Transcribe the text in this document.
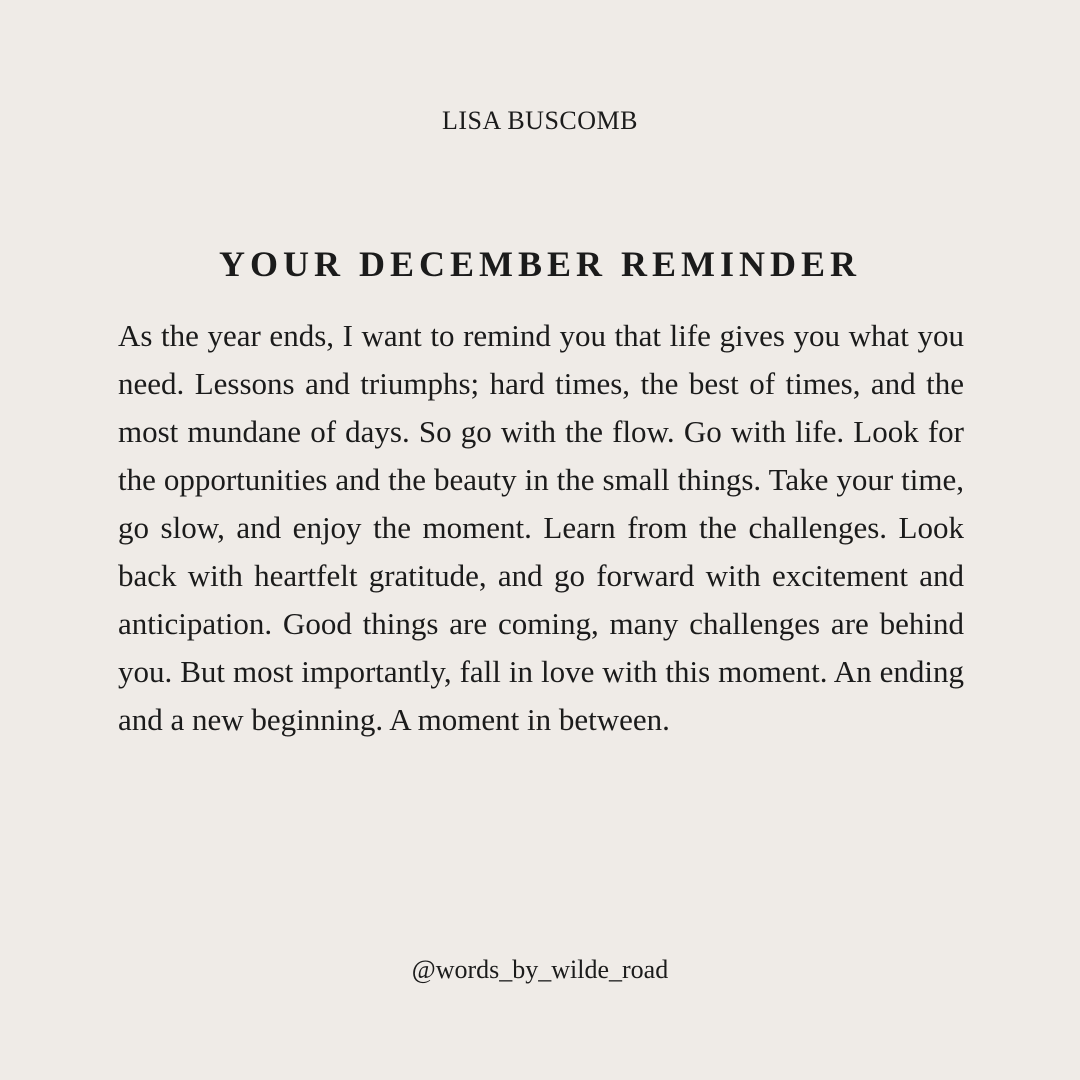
LISA BUSCOMB
YOUR DECEMBER REMINDER
As the year ends, I want to remind you that life gives you what you need. Lessons and triumphs; hard times, the best of times, and the most mundane of days. So go with the flow. Go with life. Look for the opportunities and the beauty in the small things. Take your time, go slow, and enjoy the moment. Learn from the challenges. Look back with heartfelt gratitude, and go forward with excitement and anticipation. Good things are coming, many challenges are behind you. But most importantly, fall in love with this moment. An ending and a new beginning. A moment in between.
@words_by_wilde_road
